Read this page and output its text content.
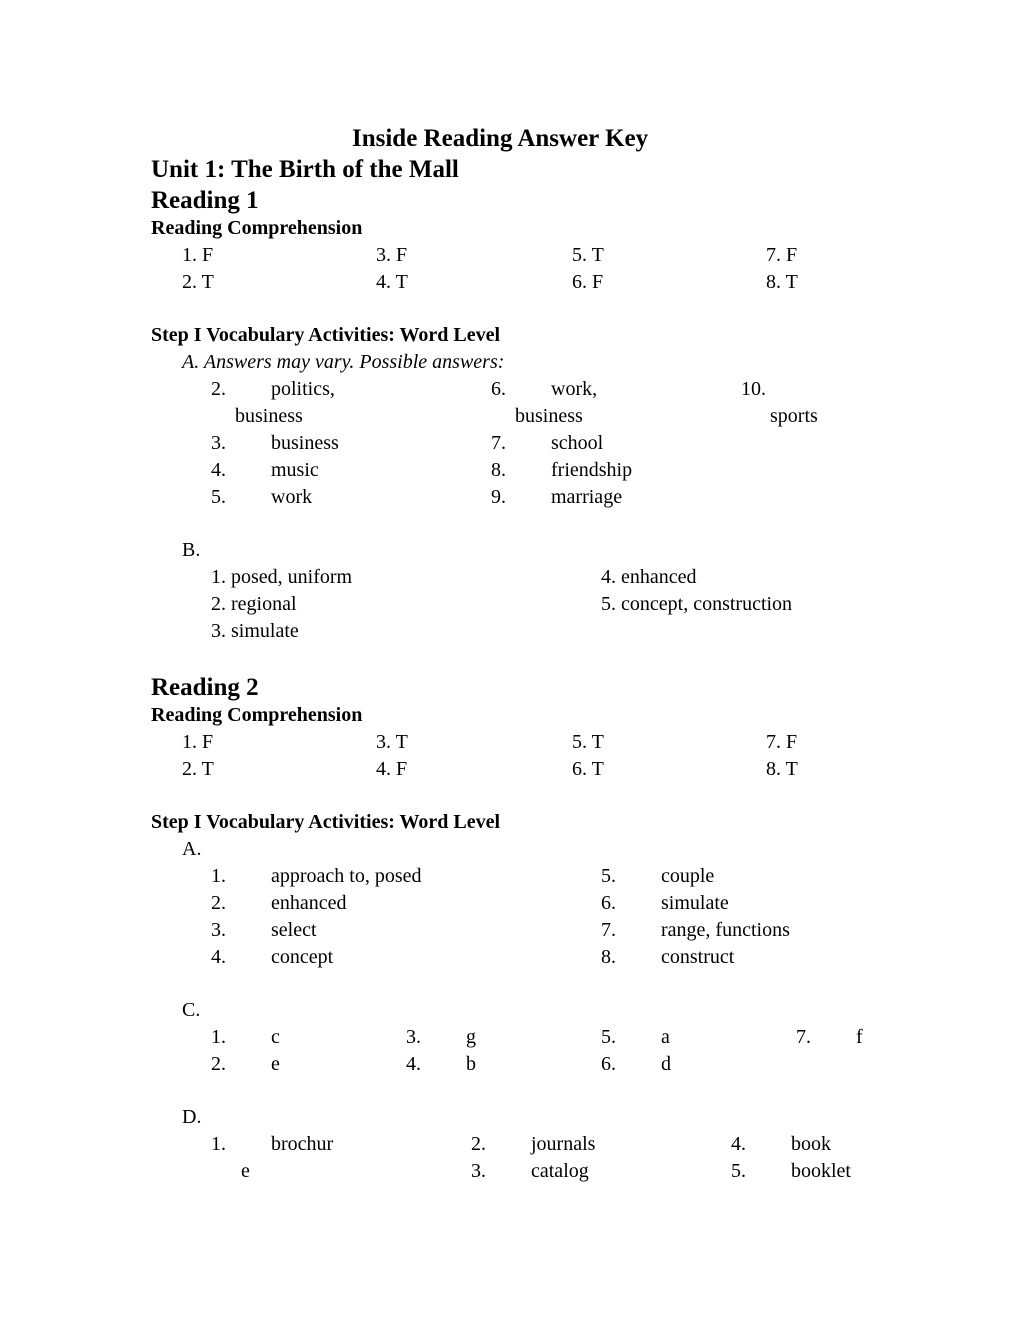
Inside Reading Answer Key
Unit 1: The Birth of the Mall
Reading 1
Reading Comprehension
1. F
2. T
3. F
4. T
5. T
6. F
7. F
8. T
Step I Vocabulary Activities: Word Level
A. Answers may vary. Possible answers:
2. politics,
business
3. business
4. music
5. work
6. work,
business
7. school
8. friendship
9. marriage
10.
sports
B.
1. posed, uniform
2. regional
3. simulate
4. enhanced
5. concept, construction
Reading 2
Reading Comprehension
1. F
2. T
3. T
4. F
5. T
6. T
7. F
8. T
Step I Vocabulary Activities: Word Level
A.
1. approach to, posed
2. enhanced
3. select
4. concept
5. couple
6. simulate
7. range, functions
8. construct
C.
1. c
2. e
3. g
4. b
5. a
6. d
7. f
D.
1. brochur
e
2. journals
3. catalog
4. book
5. booklet
